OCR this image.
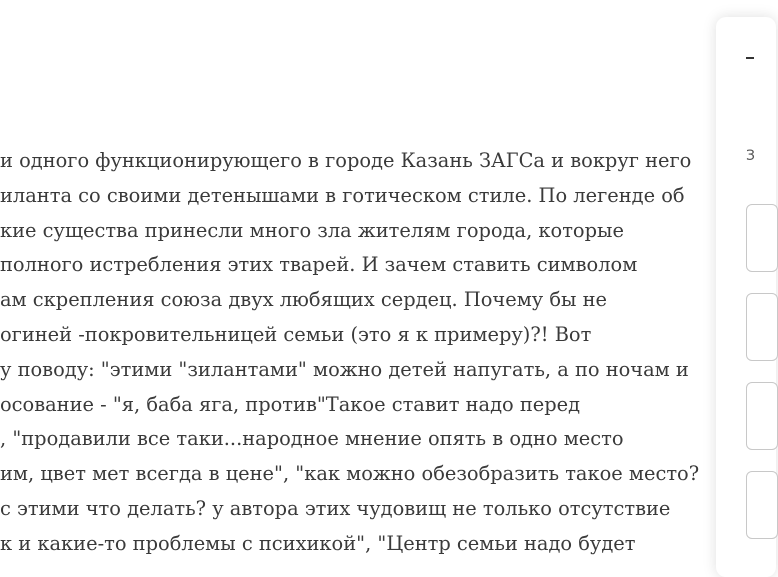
и одного функционирующего в городе Казань ЗАГСа и вокруг него
иланта со своими детенышами в готическом стиле. По легенде об
кие существа принесли много зла жителям города, которые
полного истребления этих тварей. И зачем ставить символом
ам скрепления союза двух любящих сердец. Почему бы не
огиней -покровительницей семьи (это я к примеру)?! Вот
у поводу: "этими "зилантами" можно детей напугать, а по ночам и
осование - "я, баба яга, против"Такое ставит надо перед
, "продавили все таки...народное мнение опять в одно место
им, цвет мет всегда в цене", "как можно обезобразить такое место?
с этими что делать? у автора этих чудовищ не только отсутствие
к и какие-то проблемы с психикой", "Центр семьи надо будет
З
